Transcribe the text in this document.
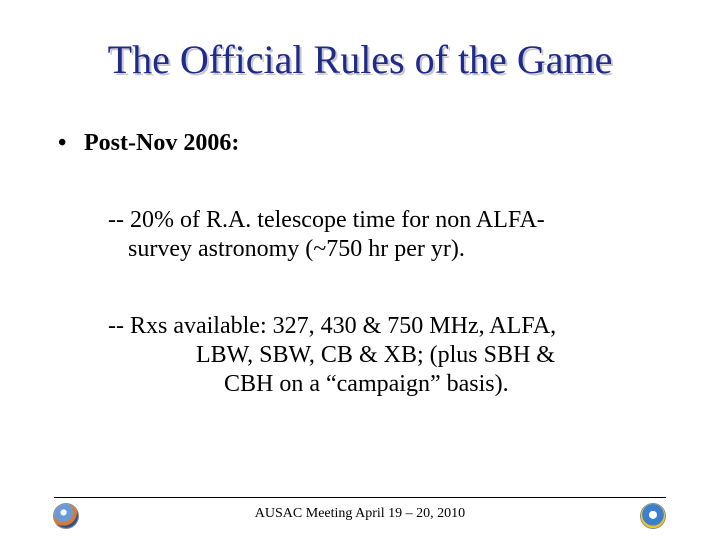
The Official Rules of the Game
• Post-Nov 2006:
-- 20% of R.A. telescope time for non ALFA-
survey astronomy (~750 hr per yr).
-- Rxs available: 327, 430 & 750 MHz, ALFA,
LBW, SBW, CB & XB; (plus SBH &
CBH on a “campaign” basis).
AUSAC Meeting April 19 – 20, 2010
